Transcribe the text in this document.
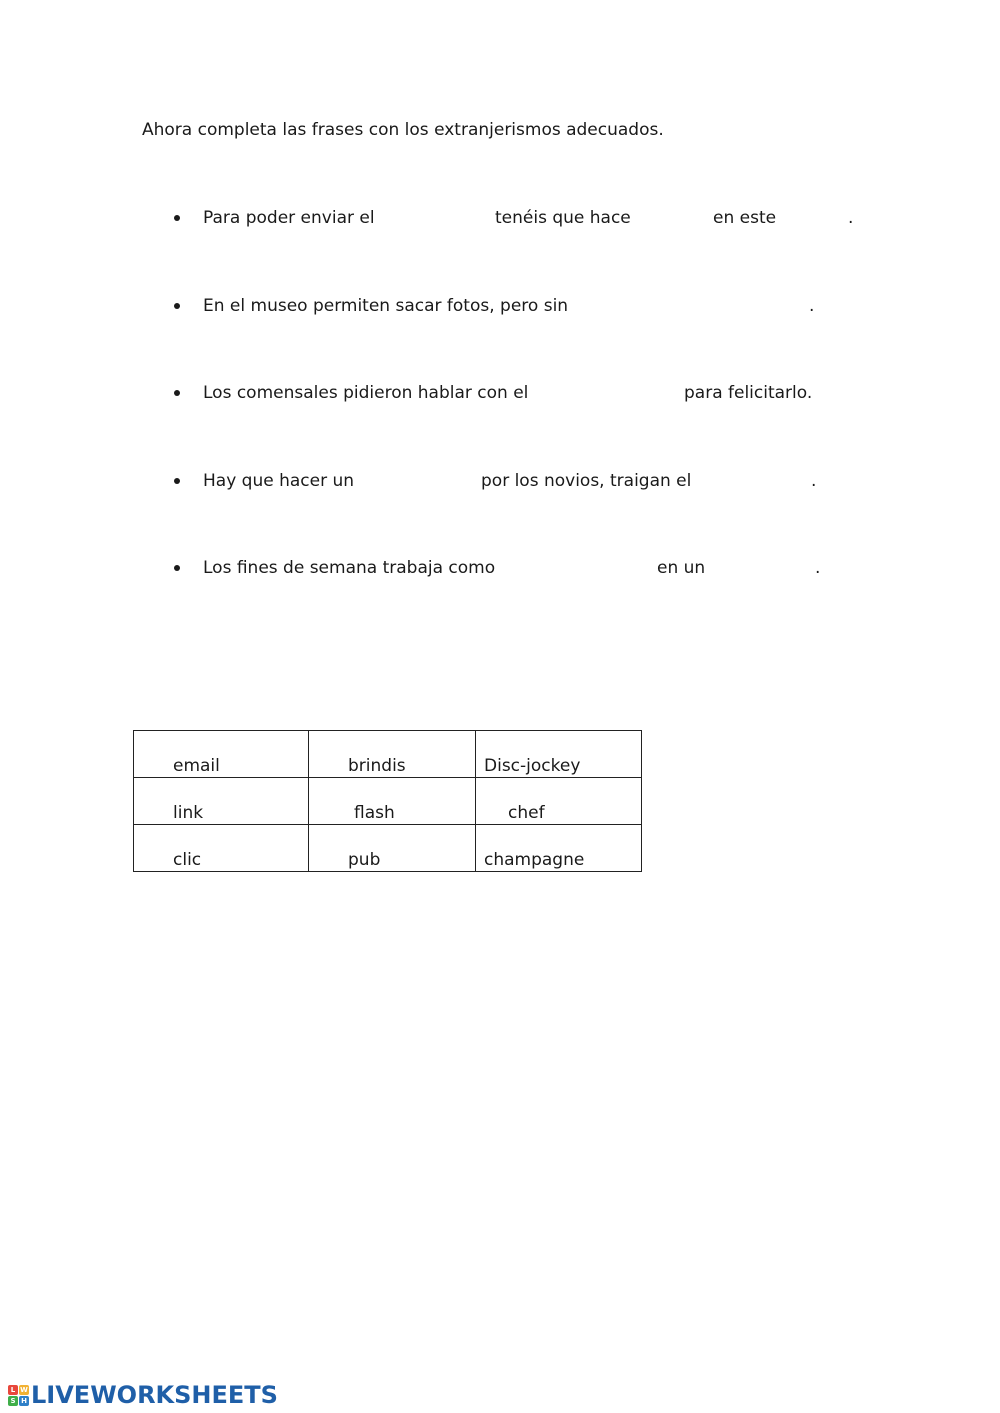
Ahora completa las frases con los extranjerismos adecuados.
Para poder enviar el	tenéis que hace	en este	.
En el museo permiten sacar fotos, pero sin	.
Los comensales pidieron hablar con el	para felicitarlo.
Hay que hacer un	por los novios, traigan el	.
Los fines de semana trabaja como	en un	.
email	brindis	Disc-jockey

link	flash	chef

clic	pub	champagne
L W
S H LIVEWORKSHEETS
